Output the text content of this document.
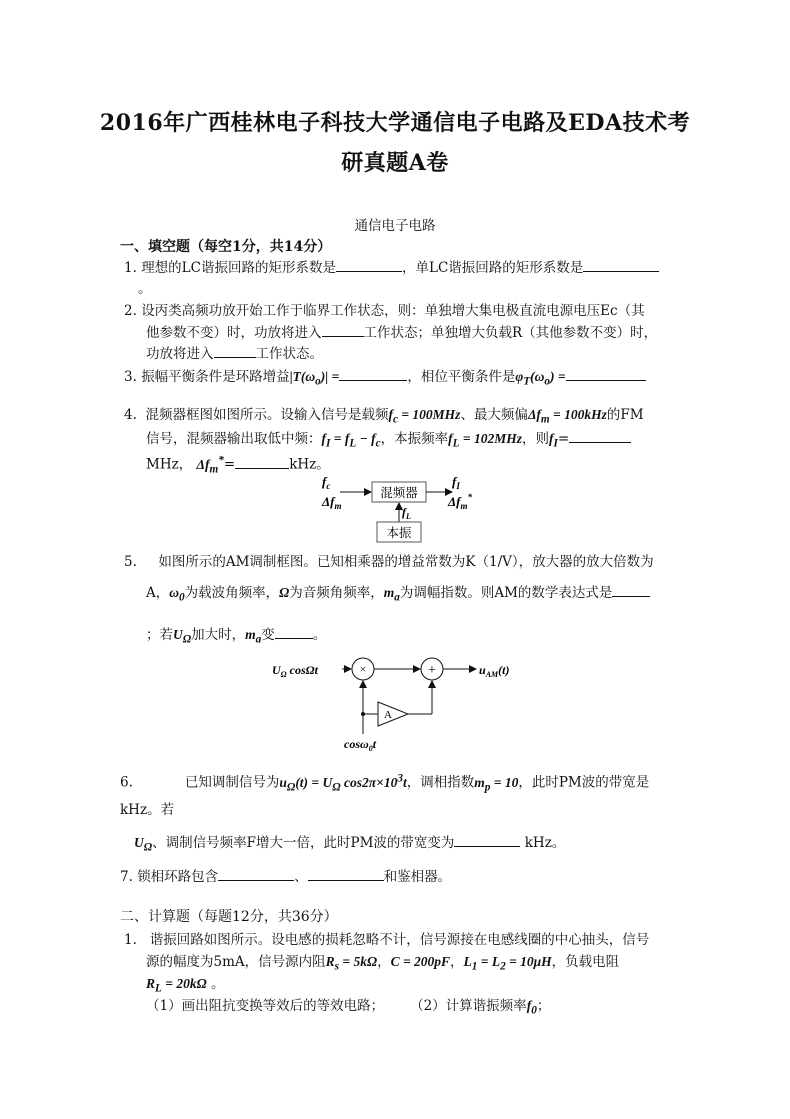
2016年广西桂林电子科技大学通信电子电路及EDA技术考
研真题A卷
通信电子电路
一、填空题（每空1分，共14分）
1. 理想的LC谐振回路的矩形系数是	，单LC谐振回路的矩形系数是
。
2. 设丙类高频功放开始工作于临界工作状态，则：单独增大集电极直流电源电压Ec（其
他参数不变）时，功放将进入	工作状态；单独增大负载R（其他参数不变）时，
功放将进入	工作状态。
3. 振幅平衡条件是环路增益$|T(\omega_o)|$ =	，相位平衡条件是$\varphi_T(\omega_o)$ =
4. 混频器框图如图所示。设输入信号是载频$f_c = 100MHz$、最大频偏$\Delta f_m = 100kHz$的FM
信号，混频器输出取低中频：$f_I = f_L - f_c$，本振频率$f_L = 102MHz$，则$f_I=$
MHz， $\Delta f_m^*=$	kHz。
$f_c$
$\Delta f_m$
混频器
$f_I$
$\Delta f_m^*$
$f_L$
本振
5. 如图所示的AM调制框图。已知相乘器的增益常数为K（1/V），放大器的放大倍数为
A，$\omega_0$为载波角频率，Ω为音频角频率，$m_a$为调幅指数。则AM的数学表达式是
；若$U_\Omega$加大时，$m_a$变	。
$U_\Omega$ cosΩt	×	+	$u_{AM}(t)$
A
cosω$_0$t
6.	已知调制信号为$u_\Omega(t) = U_\Omega$ $\cos 2\pi\times 10^3t$，调相指数$m_p = 10$，此时PM波的带宽是
kHz。若
$U_\Omega$、调制信号频率F增大一倍，此时PM波的带宽变为	kHz。
7. 锁相环路包含	、	和鉴相器。
二、计算题（每题12分，共36分）
1. 谐振回路如图所示。设电感的损耗忽略不计，信号源接在电感线圈的中心抽头，信号
源的幅度为5mA，信号源内阻$R_s = 5k\Omega$，C = 200pF，$L_1 = L_2 = 10\mu H$，负载电阻
$R_L = 20k\Omega$ 。
（1）画出阻抗变换等效后的等效电路； （2）计算谐振频率$f_0$；
